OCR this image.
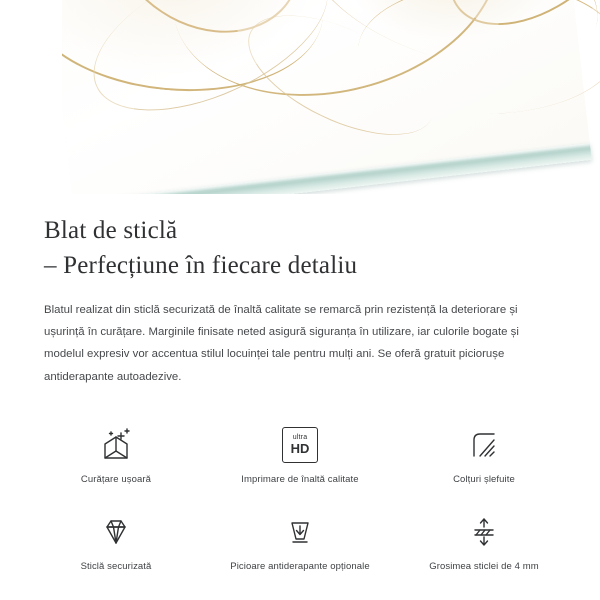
Blat de sticlă
– Perfecțiune în fiecare detaliu

Blatul realizat din sticlă securizată de înaltă calitate se remarcă prin rezistență la deteriorare și ușurință în curățare. Marginile finisate neted asigură siguranța în utilizare, iar culorile bogate și modelul expresiv vor accentua stilul locuinței tale pentru mulți ani. Se oferă gratuit piciorușe antiderapante autoadezive.

Curățare ușoară
ultra
HD
Imprimare de înaltă calitate	Colțuri șlefuite
Sticlă securizată	Picioare antiderapante opționale	Grosimea sticlei de 4 mm
